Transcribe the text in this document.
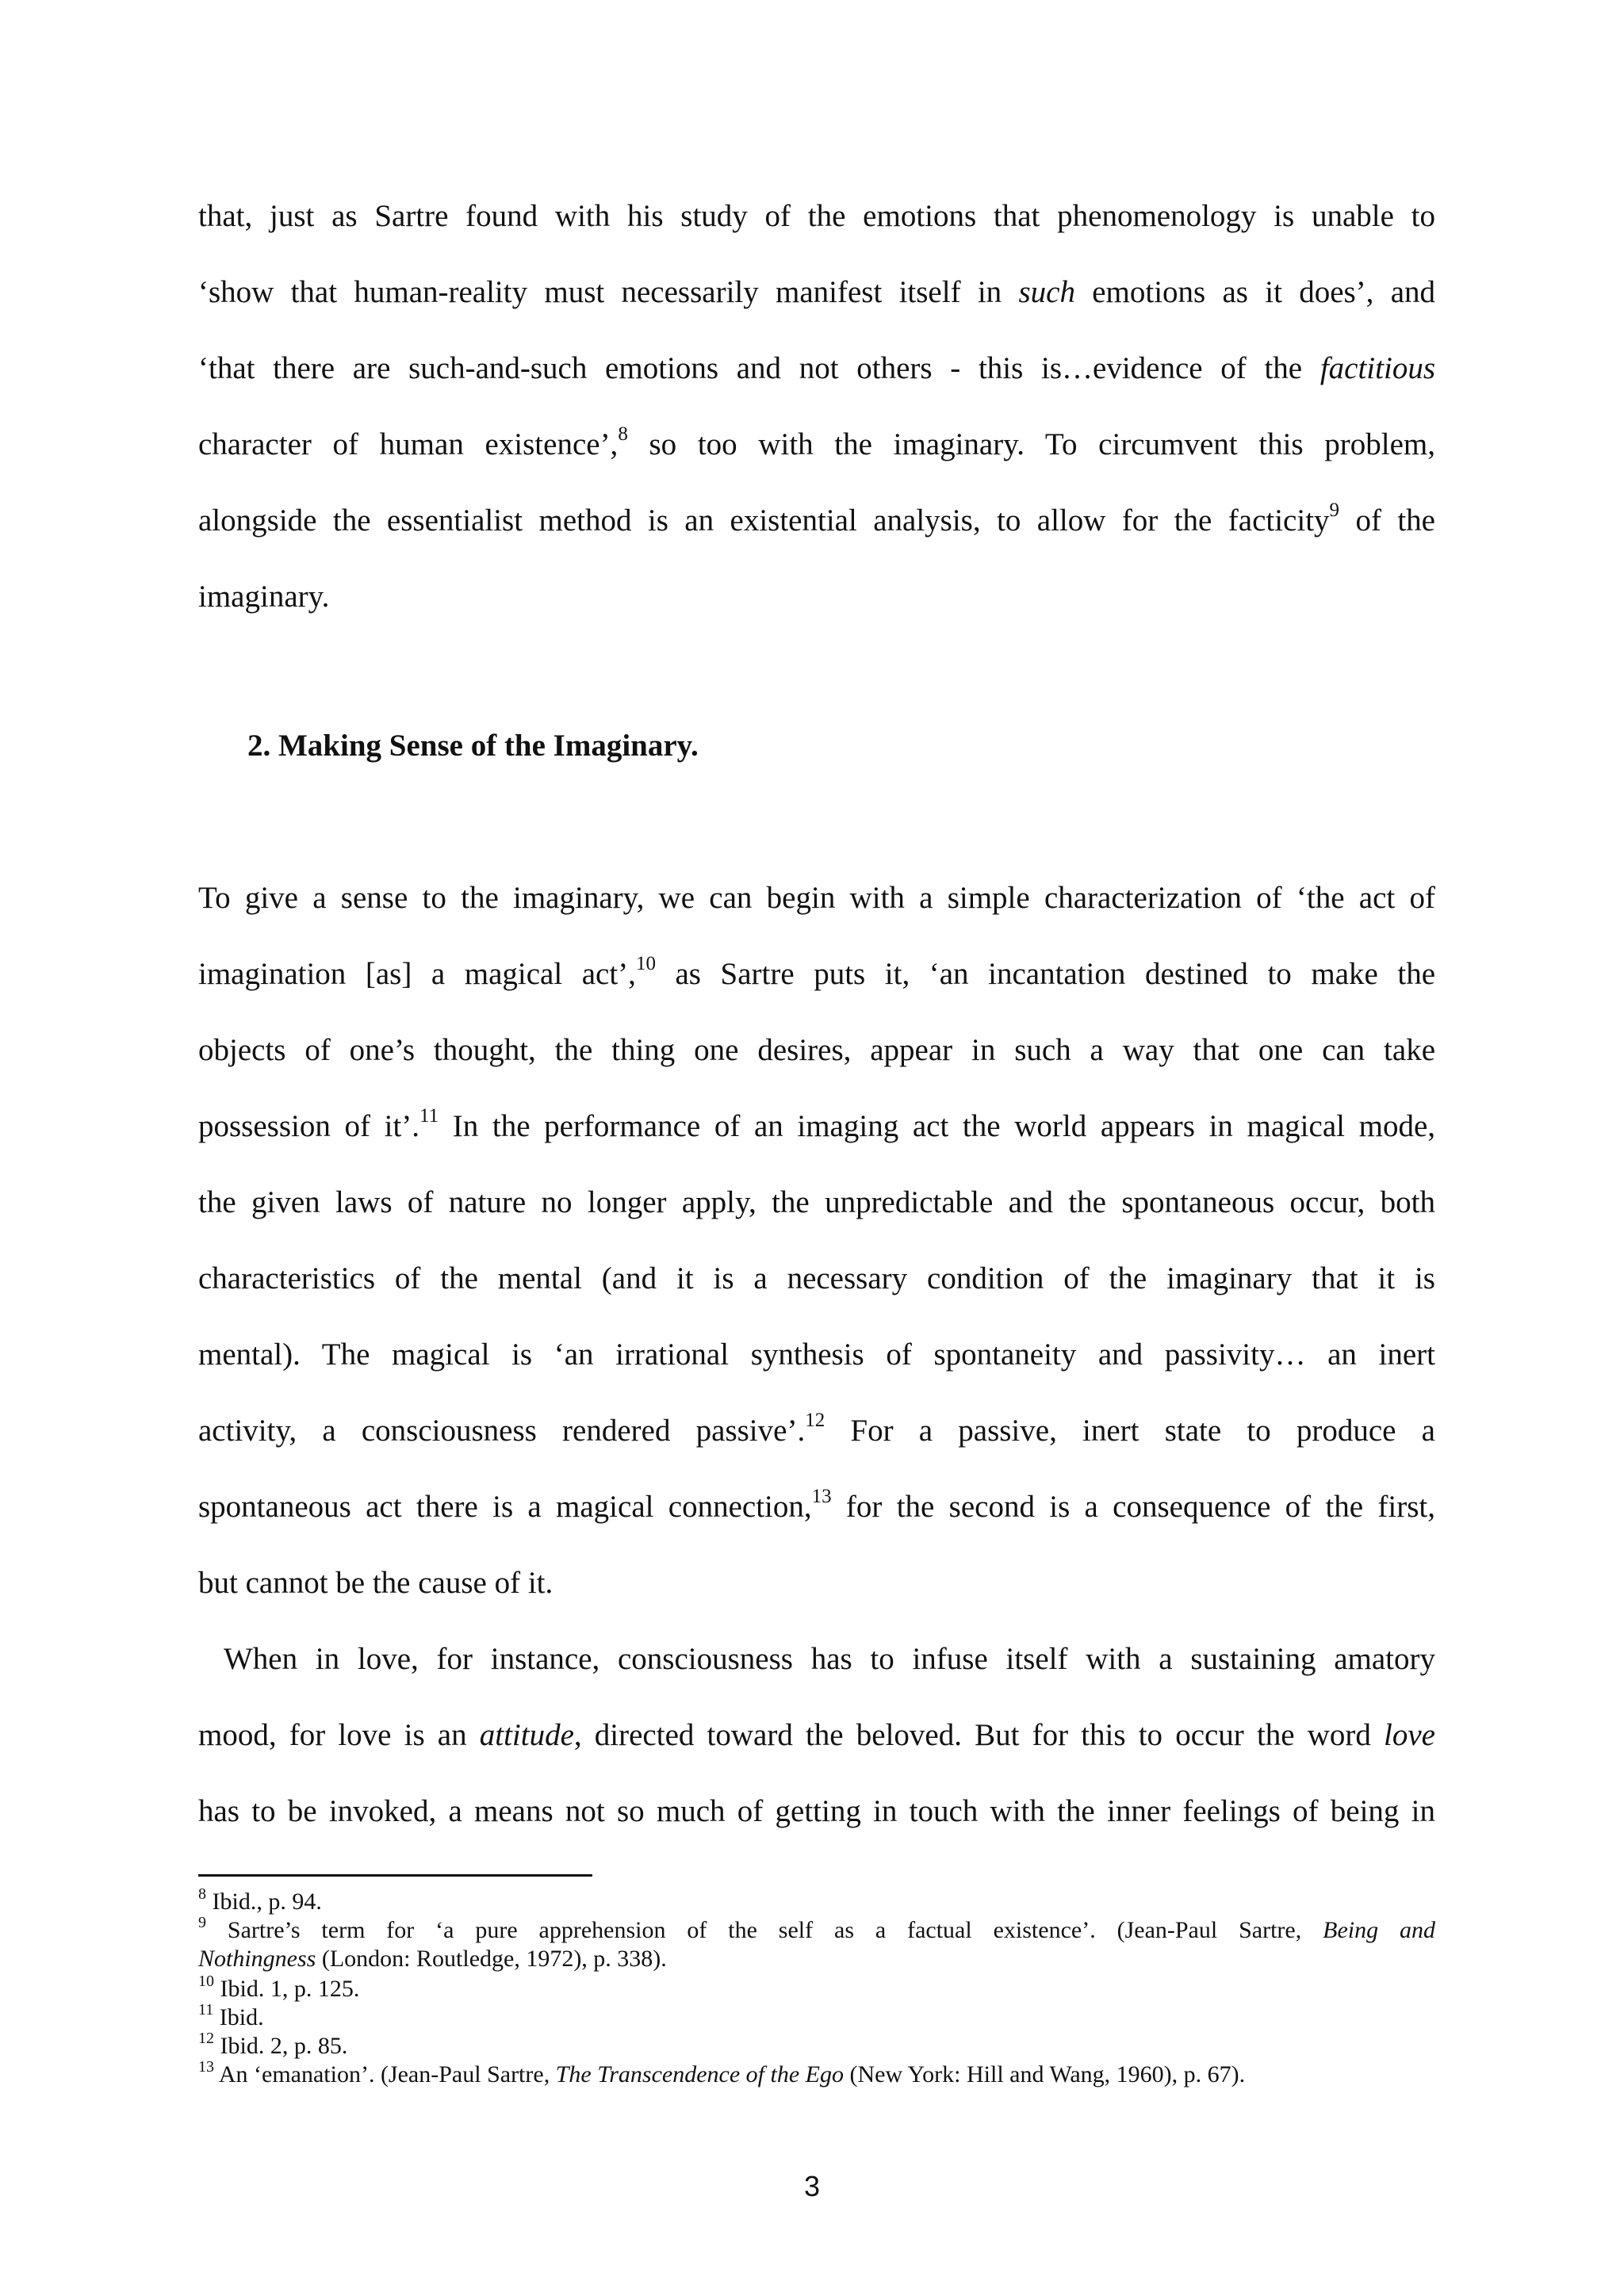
that, just as Sartre found with his study of the emotions that phenomenology is unable to
‘show that human-reality must necessarily manifest itself in such emotions as it does’, and
‘that there are such-and-such emotions and not others - this is…evidence of the factitious
character of human existence’,$^8$ so too with the imaginary. To circumvent this problem,
alongside the essentialist method is an existential analysis, to allow for the facticity$^9$ of the
imaginary.
2. Making Sense of the Imaginary.
To give a sense to the imaginary, we can begin with a simple characterization of ‘the act of
imagination [as] a magical act’,$^{10}$ as Sartre puts it, ‘an incantation destined to make the
objects of one’s thought, the thing one desires, appear in such a way that one can take
possession of it’.$^{11}$ In the performance of an imaging act the world appears in magical mode,
the given laws of nature no longer apply, the unpredictable and the spontaneous occur, both
characteristics of the mental (and it is a necessary condition of the imaginary that it is
mental). The magical is ‘an irrational synthesis of spontaneity and passivity… an inert
activity, a consciousness rendered passive’.$^{12}$ For a passive, inert state to produce a
spontaneous act there is a magical connection,$^{13}$ for the second is a consequence of the first,
but cannot be the cause of it.
When in love, for instance, consciousness has to infuse itself with a sustaining amatory
mood, for love is an attitude, directed toward the beloved. But for this to occur the word love
has to be invoked, a means not so much of getting in touch with the inner feelings of being in
$^8$ Ibid., p. 94.
$^9$ Sartre’s term for ‘a pure apprehension of the self as a factual existence’. (Jean-Paul Sartre, Being and
Nothingness (London: Routledge, 1972), p. 338).
$^{10}$ Ibid. 1, p. 125.
$^{11}$ Ibid.
$^{12}$ Ibid. 2, p. 85.
$^{13}$ An ‘emanation’. (Jean-Paul Sartre, The Transcendence of the Ego (New York: Hill and Wang, 1960), p. 67).
3
